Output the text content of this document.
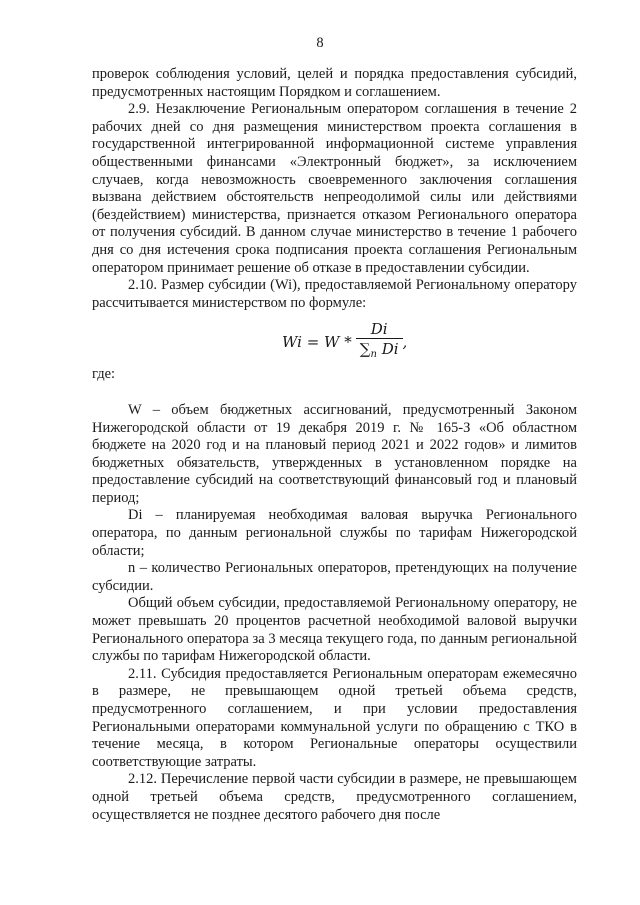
8

проверок соблюдения условий, целей и порядка предоставления субсидий, предусмотренных настоящим Порядком и соглашением.

2.9. Незаключение Региональным оператором соглашения в течение 2 рабочих дней со дня размещения министерством проекта соглашения в государственной интегрированной информационной системе управления общественными финансами «Электронный бюджет», за исключением случаев, когда невозможность своевременного заключения соглашения вызвана действием обстоятельств непреодолимой силы или действиями (бездействием) министерства, признается отказом Регионального оператора от получения субсидий. В данном случае министерство в течение 1 рабочего дня со дня истечения срока подписания проекта соглашения Региональным оператором принимает решение об отказе в предоставлении субсидии.

2.10. Размер субсидии (Wi), предоставляемой Региональному оператору рассчитывается министерством по формуле:

$Wi = W * \frac{Di}{\sum_n Di}$ ,

где:

W – объем бюджетных ассигнований, предусмотренный Законом Нижегородской области от 19 декабря 2019 г. № 165-З «Об областном бюджете на 2020 год и на плановый период 2021 и 2022 годов» и лимитов бюджетных обязательств, утвержденных в установленном порядке на предоставление субсидий на соответствующий финансовый год и плановый период;

Di – планируемая необходимая валовая выручка Регионального оператора, по данным региональной службы по тарифам Нижегородской области;

n – количество Региональных операторов, претендующих на получение субсидии.

Общий объем субсидии, предоставляемой Региональному оператору, не может превышать 20 процентов расчетной необходимой валовой выручки Регионального оператора за 3 месяца текущего года, по данным региональной службы по тарифам Нижегородской области.

2.11. Субсидия предоставляется Региональным операторам ежемесячно в размере, не превышающем одной третьей объема средств, предусмотренного соглашением, и при условии предоставления Региональными операторами коммунальной услуги по обращению с ТКО в течение месяца, в котором Региональные операторы осуществили соответствующие затраты.

2.12. Перечисление первой части субсидии в размере, не превышающем одной третьей объема средств, предусмотренного соглашением, осуществляется не позднее десятого рабочего дня после
